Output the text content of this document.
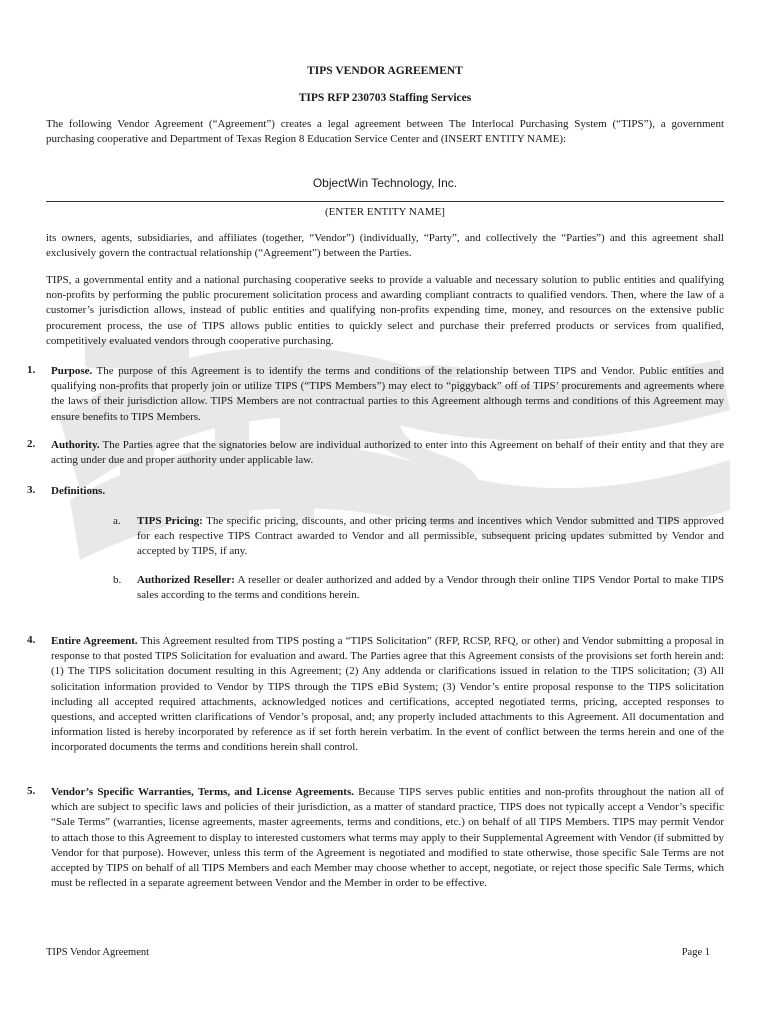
TIPS VENDOR AGREEMENT
TIPS RFP 230703 Staffing Services
The following Vendor Agreement (“Agreement”) creates a legal agreement between The Interlocal Purchasing System (“TIPS”), a government purchasing cooperative and Department of Texas Region 8 Education Service Center and (INSERT ENTITY NAME):
ObjectWin Technology, Inc.
(ENTER ENTITY NAME]
its owners, agents, subsidiaries, and affiliates (together, “Vendor”) (individually, “Party”, and collectively the “Parties”) and this agreement shall exclusively govern the contractual relationship (“Agreement”) between the Parties.
TIPS, a governmental entity and a national purchasing cooperative seeks to provide a valuable and necessary solution to public entities and qualifying non-profits by performing the public procurement solicitation process and awarding compliant contracts to qualified vendors. Then, where the law of a customer’s jurisdiction allows, instead of public entities and qualifying non-profits expending time, money, and resources on the extensive public procurement process, the use of TIPS allows public entities to quickly select and purchase their preferred products or services from qualified, competitively evaluated vendors through cooperative purchasing.
1. Purpose. The purpose of this Agreement is to identify the terms and conditions of the relationship between TIPS and Vendor. Public entities and qualifying non-profits that properly join or utilize TIPS (“TIPS Members”) may elect to “piggyback” off of TIPS’ procurements and agreements where the laws of their jurisdiction allow. TIPS Members are not contractual parties to this Agreement although terms and conditions of this Agreement may ensure benefits to TIPS Members.
2. Authority. The Parties agree that the signatories below are individual authorized to enter into this Agreement on behalf of their entity and that they are acting under due and proper authority under applicable law.
3. Definitions.
a. TIPS Pricing: The specific pricing, discounts, and other pricing terms and incentives which Vendor submitted and TIPS approved for each respective TIPS Contract awarded to Vendor and all permissible, subsequent pricing updates submitted by Vendor and accepted by TIPS, if any.
b. Authorized Reseller: A reseller or dealer authorized and added by a Vendor through their online TIPS Vendor Portal to make TIPS sales according to the terms and conditions herein.
4. Entire Agreement. This Agreement resulted from TIPS posting a “TIPS Solicitation” (RFP, RCSP, RFQ, or other) and Vendor submitting a proposal in response to that posted TIPS Solicitation for evaluation and award. The Parties agree that this Agreement consists of the provisions set forth herein and: (1) The TIPS solicitation document resulting in this Agreement; (2) Any addenda or clarifications issued in relation to the TIPS solicitation; (3) All solicitation information provided to Vendor by TIPS through the TIPS eBid System; (3) Vendor’s entire proposal response to the TIPS solicitation including all accepted required attachments, acknowledged notices and certifications, accepted negotiated terms, pricing, accepted responses to questions, and accepted written clarifications of Vendor’s proposal, and; any properly included attachments to this Agreement. All documentation and information listed is hereby incorporated by reference as if set forth herein verbatim. In the event of conflict between the terms herein and one of the incorporated documents the terms and conditions herein shall control.
5. Vendor’s Specific Warranties, Terms, and License Agreements. Because TIPS serves public entities and non-profits throughout the nation all of which are subject to specific laws and policies of their jurisdiction, as a matter of standard practice, TIPS does not typically accept a Vendor’s specific “Sale Terms” (warranties, license agreements, master agreements, terms and conditions, etc.) on behalf of all TIPS Members. TIPS may permit Vendor to attach those to this Agreement to display to interested customers what terms may apply to their Supplemental Agreement with Vendor (if submitted by Vendor for that purpose). However, unless this term of the Agreement is negotiated and modified to state otherwise, those specific Sale Terms are not accepted by TIPS on behalf of all TIPS Members and each Member may choose whether to accept, negotiate, or reject those specific Sale Terms, which must be reflected in a separate agreement between Vendor and the Member in order to be effective.
TIPS Vendor Agreement	Page 1
